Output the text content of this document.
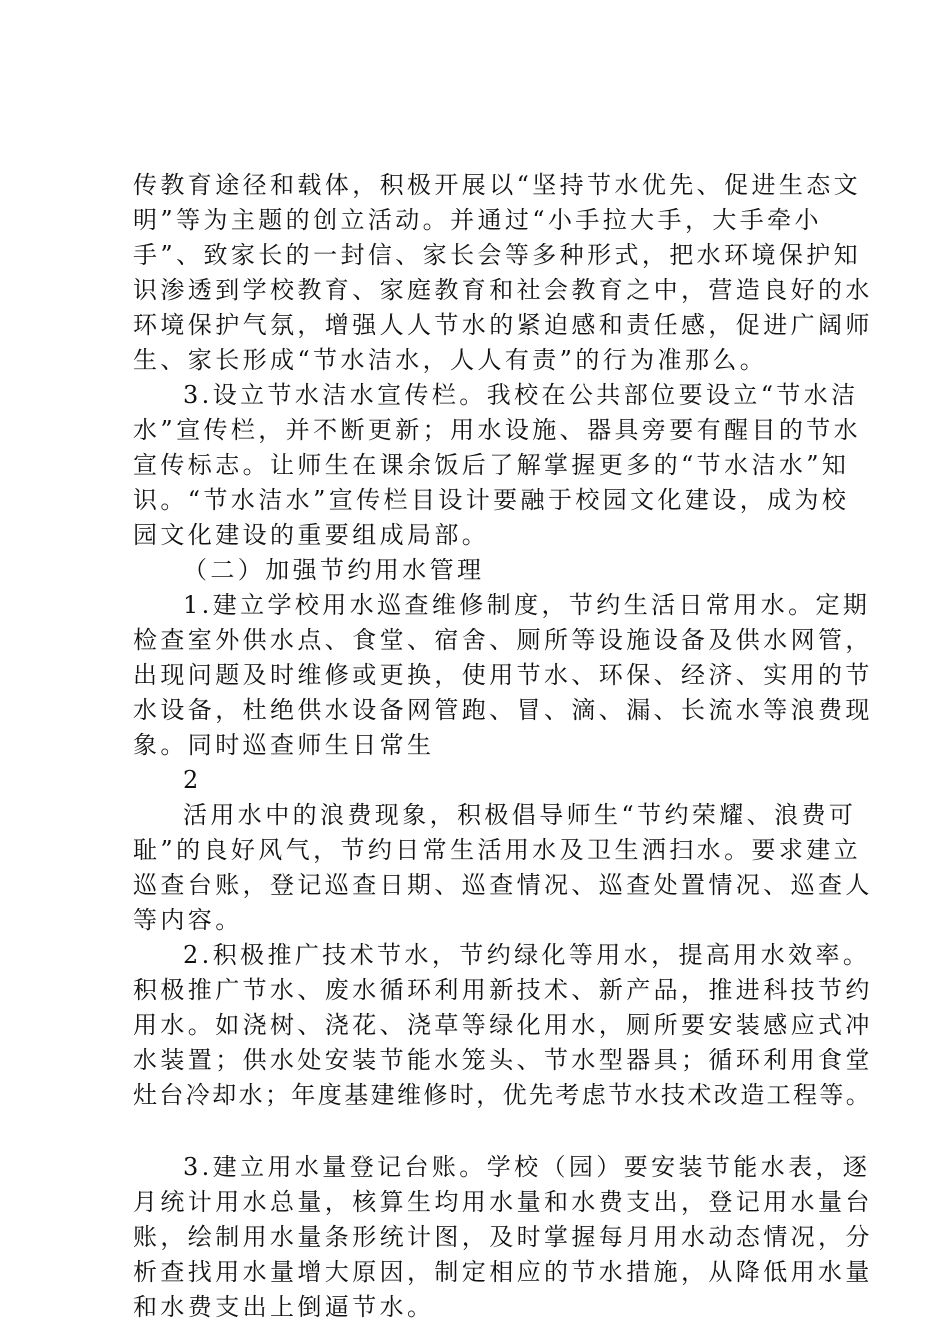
传教育途径和载体，积极开展以“坚持节水优先、促进生态文
明”等为主题的创立活动。并通过“小手拉大手，大手牵小
手”、致家长的一封信、家长会等多种形式，把水环境保护知
识渗透到学校教育、家庭教育和社会教育之中，营造良好的水
环境保护气氛，增强人人节水的紧迫感和责任感，促进广阔师
生、家长形成“节水洁水，人人有责”的行为准那么。
3.设立节水洁水宣传栏。我校在公共部位要设立“节水洁
水”宣传栏，并不断更新；用水设施、器具旁要有醒目的节水
宣传标志。让师生在课余饭后了解掌握更多的“节水洁水”知
识。“节水洁水”宣传栏目设计要融于校园文化建设，成为校
园文化建设的重要组成局部。
（二）加强节约用水管理
1.建立学校用水巡查维修制度，节约生活日常用水。定期
检查室外供水点、食堂、宿舍、厕所等设施设备及供水网管，
出现问题及时维修或更换，使用节水、环保、经济、实用的节
水设备，杜绝供水设备网管跑、冒、滴、漏、长流水等浪费现
象。同时巡查师生日常生
2
活用水中的浪费现象，积极倡导师生“节约荣耀、浪费可
耻”的良好风气，节约日常生活用水及卫生洒扫水。要求建立
巡查台账，登记巡查日期、巡查情况、巡查处置情况、巡查人
等内容。
2.积极推广技术节水，节约绿化等用水，提高用水效率。
积极推广节水、废水循环利用新技术、新产品，推进科技节约
用水。如浇树、浇花、浇草等绿化用水，厕所要安装感应式冲
水装置；供水处安装节能水笼头、节水型器具；循环利用食堂
灶台冷却水；年度基建维修时，优先考虑节水技术改造工程等。
3.建立用水量登记台账。学校（园）要安装节能水表，逐
月统计用水总量，核算生均用水量和水费支出，登记用水量台
账，绘制用水量条形统计图，及时掌握每月用水动态情况，分
析查找用水量增大原因，制定相应的节水措施，从降低用水量
和水费支出上倒逼节水。
